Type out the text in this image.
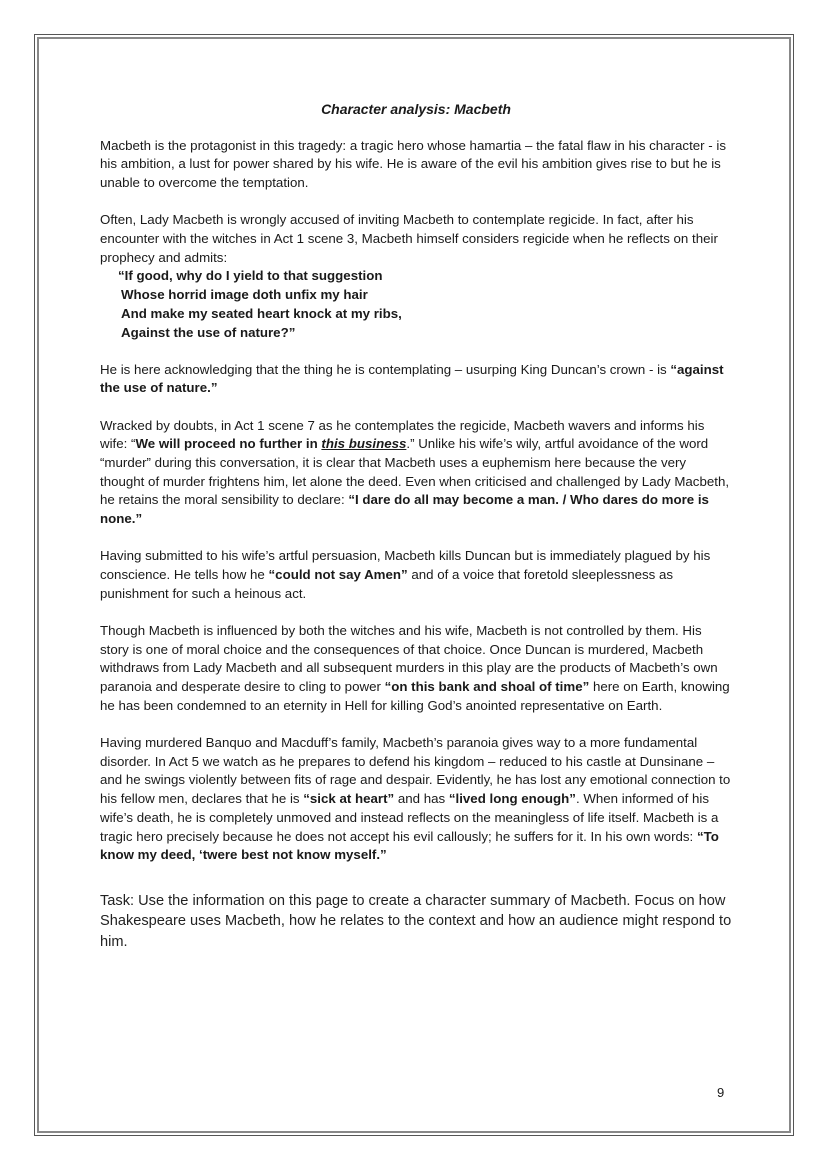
Character analysis: Macbeth

Macbeth is the protagonist in this tragedy: a tragic hero whose hamartia – the fatal flaw in his character - is his ambition, a lust for power shared by his wife. He is aware of the evil his ambition gives rise to but he is unable to overcome the temptation.

Often, Lady Macbeth is wrongly accused of inviting Macbeth to contemplate regicide. In fact, after his encounter with the witches in Act 1 scene 3, Macbeth himself considers regicide when he reflects on their prophecy and admits:

“If good, why do I yield to that suggestion
Whose horrid image doth unfix my hair
And make my seated heart knock at my ribs,
Against the use of nature?”

He is here acknowledging that the thing he is contemplating – usurping King Duncan’s crown - is “against the use of nature.”

Wracked by doubts, in Act 1 scene 7 as he contemplates the regicide, Macbeth wavers and informs his wife: “We will proceed no further in this business.” Unlike his wife’s wily, artful avoidance of the word “murder” during this conversation, it is clear that Macbeth uses a euphemism here because the very thought of murder frightens him, let alone the deed. Even when criticised and challenged by Lady Macbeth, he retains the moral sensibility to declare: “I dare do all may become a man. / Who dares do more is none.”

Having submitted to his wife’s artful persuasion, Macbeth kills Duncan but is immediately plagued by his conscience. He tells how he “could not say Amen” and of a voice that foretold sleeplessness as punishment for such a heinous act.

Though Macbeth is influenced by both the witches and his wife, Macbeth is not controlled by them. His story is one of moral choice and the consequences of that choice. Once Duncan is murdered, Macbeth withdraws from Lady Macbeth and all subsequent murders in this play are the products of Macbeth’s own paranoia and desperate desire to cling to power “on this bank and shoal of time” here on Earth, knowing he has been condemned to an eternity in Hell for killing God’s anointed representative on Earth.

Having murdered Banquo and Macduff’s family, Macbeth’s paranoia gives way to a more fundamental disorder. In Act 5 we watch as he prepares to defend his kingdom – reduced to his castle at Dunsinane – and he swings violently between fits of rage and despair. Evidently, he has lost any emotional connection to his fellow men, declares that he is “sick at heart” and has “lived long enough”. When informed of his wife’s death, he is completely unmoved and instead reflects on the meaningless of life itself. Macbeth is a tragic hero precisely because he does not accept his evil callously; he suffers for it. In his own words: “To know my deed, ‘twere best not know myself.”

Task: Use the information on this page to create a character summary of Macbeth. Focus on how Shakespeare uses Macbeth, how he relates to the context and how an audience might respond to him.
9
